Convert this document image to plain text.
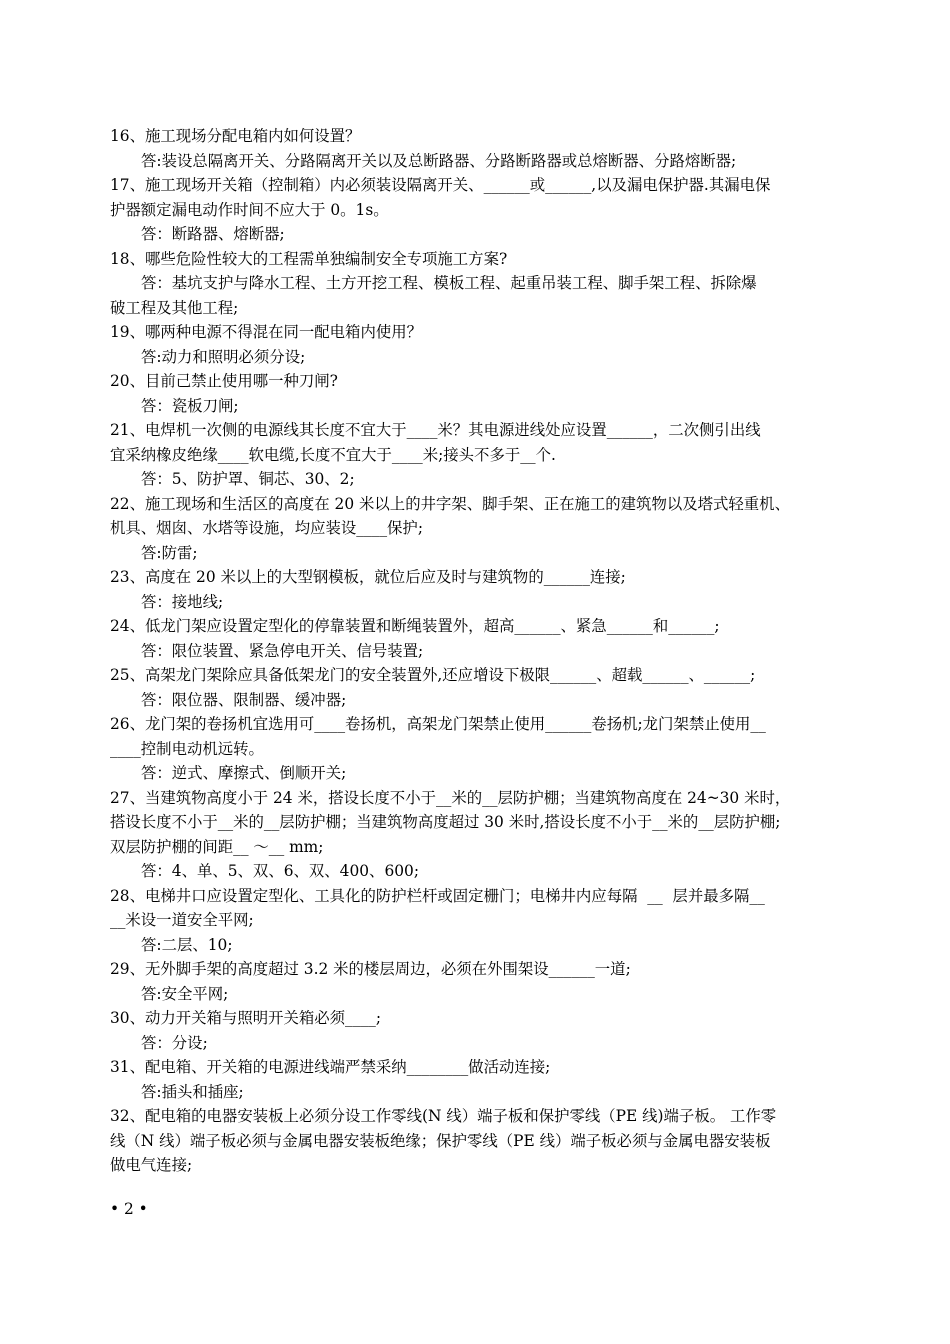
16、施工现场分配电箱内如何设置？
答:装设总隔离开关、分路隔离开关以及总断路器、分路断路器或总熔断器、分路熔断器;
17、施工现场开关箱（控制箱）内必须装设隔离开关、______或______,以及漏电保护器.其漏电保
护器额定漏电动作时间不应大于 0。1s。
答：断路器、熔断器;
18、哪些危险性较大的工程需单独编制安全专项施工方案?
答：基坑支护与降水工程、土方开挖工程、模板工程、起重吊装工程、脚手架工程、拆除爆
破工程及其他工程;
19、哪两种电源不得混在同一配电箱内使用？
答:动力和照明必须分设;
20、目前己禁止使用哪一种刀闸?
答：瓷板刀闸;
21、电焊机一次侧的电源线其长度不宜大于____米？其电源进线处应设置______，二次侧引出线
宜采纳橡皮绝缘____软电缆,长度不宜大于____米;接头不多于__个.
答：5、防护罩、铜芯、30、2;
22、施工现场和生活区的高度在 20 米以上的井字架、脚手架、正在施工的建筑物以及塔式轻重机、
机具、烟囱、水塔等设施，均应装设____保护;
答:防雷;
23、高度在 20 米以上的大型钢模板，就位后应及时与建筑物的______连接;
答：接地线;
24、低龙门架应设置定型化的停靠装置和断绳装置外，超高______、紧急______和______;
答：限位装置、紧急停电开关、信号装置;
25、高架龙门架除应具备低架龙门的安全装置外,还应增设下极限______、超载______、______;
答：限位器、限制器、缓冲器;
26、龙门架的卷扬机宜选用可____卷扬机，高架龙门架禁止使用______卷扬机;龙门架禁止使用__
____控制电动机远转。
答：逆式、摩擦式、倒顺开关;
27、当建筑物高度小于 24 米，搭设长度不小于__米的__层防护棚；当建筑物高度在 24~30 米时，
搭设长度不小于__米的__层防护棚；当建筑物高度超过 30 米时,搭设长度不小于__米的__层防护棚;
双层防护棚的间距__ ～__ mm;
答：4、单、5、双、6、双、400、600;
28、电梯井口应设置定型化、工具化的防护栏杆或固定栅门；电梯井内应每隔  __  层并最多隔__
__米设一道安全平网;
答:二层、10;
29、无外脚手架的高度超过 3.2 米的楼层周边，必须在外围架设______一道;
答:安全平网;
30、动力开关箱与照明开关箱必须____;
答：分设;
31、配电箱、开关箱的电源进线端严禁采纳________做活动连接;
答:插头和插座;
32、配电箱的电器安装板上必须分设工作零线(N 线）端子板和保护零线（PE 线)端子板。 工作零
线（N 线）端子板必须与金属电器安装板绝缘；保护零线（PE 线）端子板必须与金属电器安装板
做电气连接;
• 2 •
